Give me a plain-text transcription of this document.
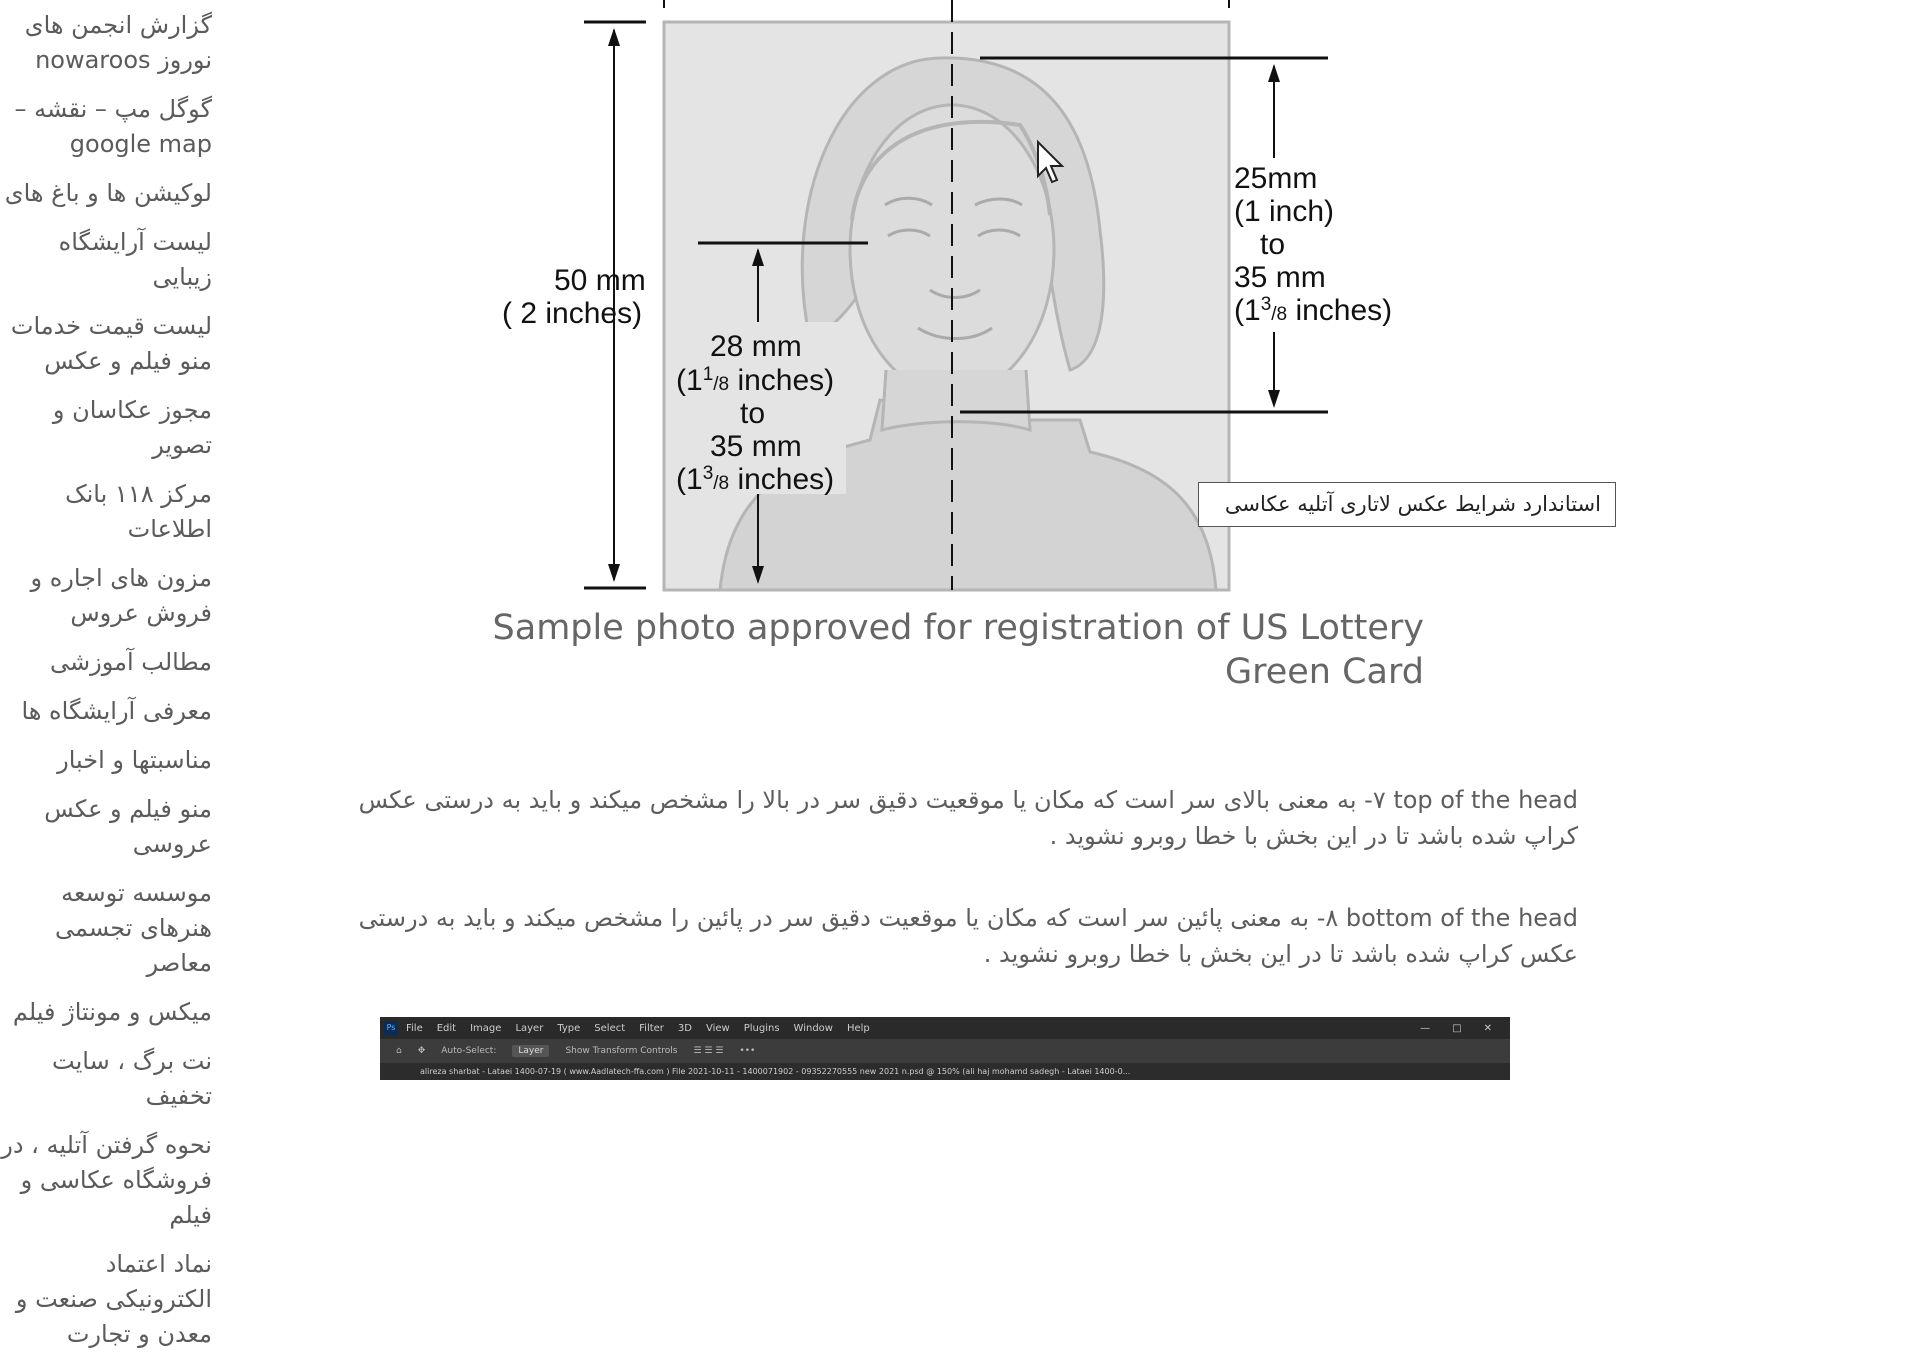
گزارش انجمن های نوروز nowaroos
گوگل مپ – نقشه – google map
لوکیشن ها و باغ های
لیست آرایشگاه زیبایی
لیست قیمت خدمات منو فیلم و عکس
مجوز عکاسان و تصویر
مرکز ۱۱۸ بانک اطلاعات
مزون های اجاره و فروش عروس
مطالب آموزشی
معرفی آرایشگاه ها
مناسبتها و اخبار
منو فیلم و عکس عروسی
موسسه توسعه هنرهای تجسمی معاصر
میکس و مونتاژ فیلم
نت برگ ، سایت تخفیف
نحوه گرفتن آتلیه ، در فروشگاه عکاسی و فیلم
نماد اعتماد الکترونیکی صنعت و معدن و تجارت
50 mm
( 2 inches)
28 mm
($1^1_{/8}$ inches)
to
35 mm
($1^3_{/8}$ inches)
25mm
(1 inch)
to
35 mm
($1^3_{/8}$ inches)
استاندارد شرایط عکس لاتاری آتلیه عکاسی
Sample photo approved for registration of US Lottery Green Card
‎-۷ top of the head‏ به معنی بالای سر است که مکان یا موقعیت دقیق سر در بالا را مشخص میکند و باید به درستی عکس کراپ شده باشد تا در این بخش با خطا روبرو نشوید .
‎-۸ bottom of the head‏ به معنی پائین سر است که مکان یا موقعیت دقیق سر در پائین را مشخص میکند و باید به درستی عکس کراپ شده باشد تا در این بخش با خطا روبرو نشوید .
Ps File Edit Image Layer Type Select Filter 3D View Plugins Window Help	— □ ✕
⌂ ✥ Auto-Select:	Layer	Show Transform Controls ☰ ☰ ☰ •••
alireza sharbat - Lataei 1400-07-19 ( www.Aadlatech-ffa.com ) File 2021-10-11 - 1400071902 - 09352270555 new 2021 n.psd @ 150% (ali haj mohamd sadegh - Lataei 1400-0...
